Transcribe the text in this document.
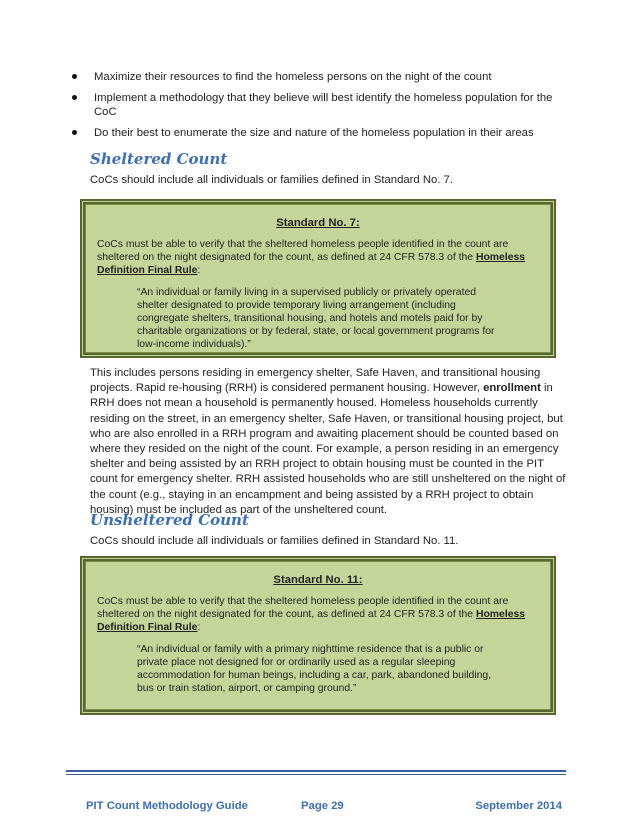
Maximize their resources to find the homeless persons on the night of the count
Implement a methodology that they believe will best identify the homeless population for the CoC
Do their best to enumerate the size and nature of the homeless population in their areas
Sheltered Count

CoCs should include all individuals or families defined in Standard No. 7.

Standard No. 7:

CoCs must be able to verify that the sheltered homeless people identified in the count are sheltered on the night designated for the count, as defined at 24 CFR 578.3 of the Homeless Definition Final Rule:

“An individual or family living in a supervised publicly or privately operated shelter designated to provide temporary living arrangement (including congregate shelters, transitional housing, and hotels and motels paid for by charitable organizations or by federal, state, or local government programs for low-income individuals).”

This includes persons residing in emergency shelter, Safe Haven, and transitional housing projects. Rapid re-housing (RRH) is considered permanent housing. However, enrollment in RRH does not mean a household is permanently housed. Homeless households currently residing on the street, in an emergency shelter, Safe Haven, or transitional housing project, but who are also enrolled in a RRH program and awaiting placement should be counted based on where they resided on the night of the count. For example, a person residing in an emergency shelter and being assisted by an RRH project to obtain housing must be counted in the PIT count for emergency shelter. RRH assisted households who are still unsheltered on the night of the count (e.g., staying in an encampment and being assisted by a RRH project to obtain housing) must be included as part of the unsheltered count.

Unsheltered Count

CoCs should include all individuals or families defined in Standard No. 11.

Standard No. 11:

CoCs must be able to verify that the sheltered homeless people identified in the count are sheltered on the night designated for the count, as defined at 24 CFR 578.3 of the Homeless Definition Final Rule:

“An individual or family with a primary nighttime residence that is a public or private place not designed for or ordinarily used as a regular sleeping accommodation for human beings, including a car, park, abandoned building, bus or train station, airport, or camping ground.”

PIT Count Methodology Guide	Page 29	September 2014
